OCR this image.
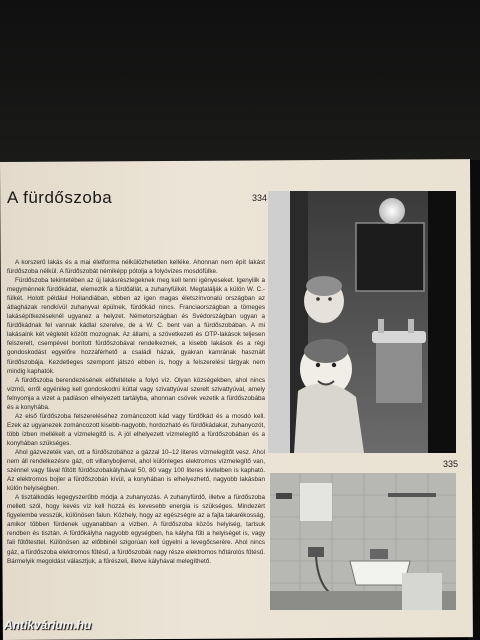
A fürdőszoba	334
335

A korszerű lakás és a mai életforma nélkülözhetetlen kelléke. Ahonnan nem épít lakást fürdőszoba nélkül. A fürdőszobát némiképp pótolja a folyóvizes mosdófülke.

Fürdőszoba tekintetében az új lakásrészlegeknek meg kell tenni igényeseket. Igenyilik a megyménnek fürdőkádat, elemeztik a fürdőállát, a zuhanyfülkét. Megtalálják a külön W. C.-fülkét. Holott például Hollandiában, ebben az igen magas életszínvonalú országban az átlagházak rendkívül zuhanyval épülnek, fürdőkád nincs. Franciaországban a tömeges lakásépítkezéseknél ugyanez a helyzet. Németországban és Svédországban ugyan a fürdőkádnak fel vannak kádlal szerelve, de a W. C. bent van a fürdőszobában. A mi lakásaink két végletét között mozognak. Az állami, a szövetkezeti és OTP-lakások teljesen felszerelt, csempével borított fürdőszobával rendelkeznek, a kisebb lakások és a régi gondoskodást egyelőre hozzáférhető a családi házak, gyakran kamrának használt fürdőszobája. Kezdetleges szempont játszó ebben is, hogy a felszerelési tárgyak nem mindig kaphatók.

A fürdőszoba berendezésének előfeltétele a folyó víz. Olyan községekben, ahol nincs vízmű, erről egyénileg kell gondoskodni kúttal vagy szivattyúval szerelt szivattyúval, amely felnyomja a vizet a padláson elhelyezett tartályba, ahonnan csövek vezetik a fürdőszobába és a konyhába.

Az első fürdőszoba felszereléséhez zománcozott kád vagy fürdőkád és a mosdó kell. Ezek az ugyanezek zománcozott kisebb-nagyobb, hordozható és fürdőkádakat, zuhanyozót, több ízben mellékelt a vízmelegítő is. A jól elhelyezett vízmelegítő a fürdőszobában és a konyhában szükséges.

Ahol gázvezeték van, ott a fürdőszobához a gázzal 10–12 literes vízmelegítőt vesz. Ahol nem áll rendelkezésre gáz, ott villanybojlerrel, ahol különleges elektromos vízmelegítő van, szénnel vagy fával fűtött fürdőszobakályhával 50, 80 vagy 100 literes kivitelben is kapható. Az elektromos bojler a fürdőszobán kívül, a konyhában is elhelyezhető, nagyobb lakásban külön helyiségben.

A tisztálkodás legegyszerűbb módja a zuhanyozás. A zuhanyfürdő, illetve a fürdőszoba mellett szól, hogy kevés víz kell hozzá és kevesebb energia is szükséges. Mindezért figyelembe vesszük, különösen falun. Közhely, hogy az egészségre az a fajta takarékosság, amikor többen fürdenek ugyanabban a vízben. A fürdőszoba közös helyiség, tartsuk rendben és tisztán. A fürdőkályha nagyobb egységben, ha kályha fűti a helyiséget is, vagy fali fűtőtesttel. Különösen az előbbinél szigorúan kell ügyelni a levegőcserére. Ahol nincs gáz, a fürdőszoba elektromos fűtésű, a fürdőszobák nagy része elektromos hőtárolós fűtésű. Bármelyik megoldást választjuk, a fűrészeli, illetve kályhával melegíthető.

Antikvárium.hu
